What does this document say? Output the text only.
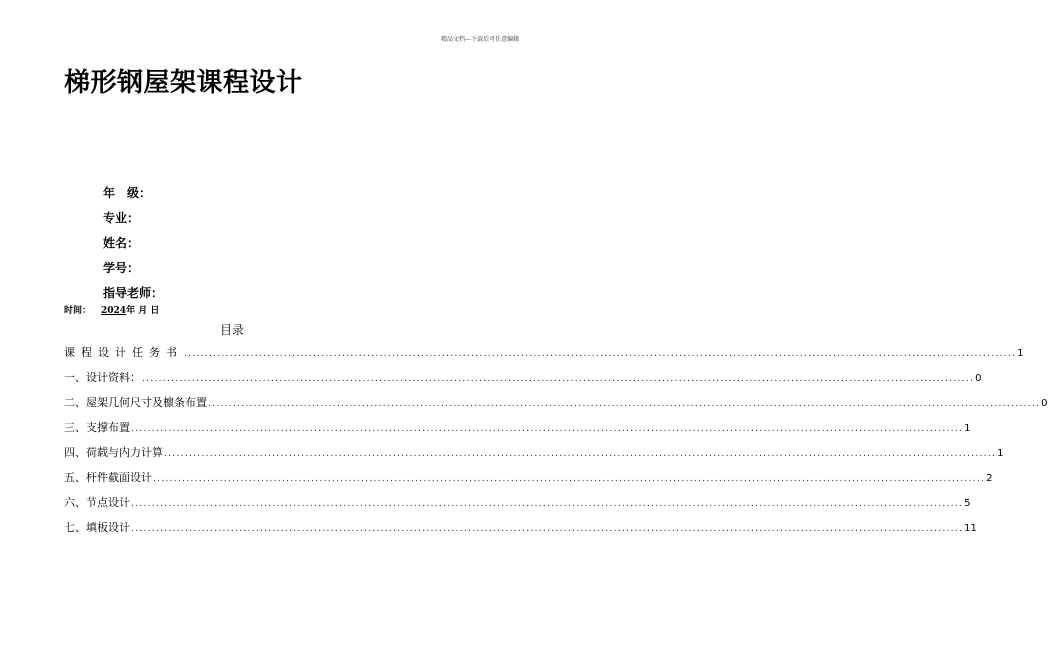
精品文档---下载后可任意编辑
梯形钢屋架课程设计
年　级：
专业：
姓名：
学号：
指导老师：
时间： 2024年 月 日
目录
课程设计任务书 ........................................................................................................................................................................................................ 1
一、设计资料： ........................................................................................................................................................................................................ 0
二、屋架几何尺寸及檩条布置 ........................................................................................................................................................................................................ 0
三、支撑布置 ........................................................................................................................................................................................................ 1
四、荷载与内力计算 ........................................................................................................................................................................................................ 1
五、杆件截面设计 ........................................................................................................................................................................................................ 2
六、节点设计 ........................................................................................................................................................................................................ 5
七、填板设计 ........................................................................................................................................................................................................ 11
